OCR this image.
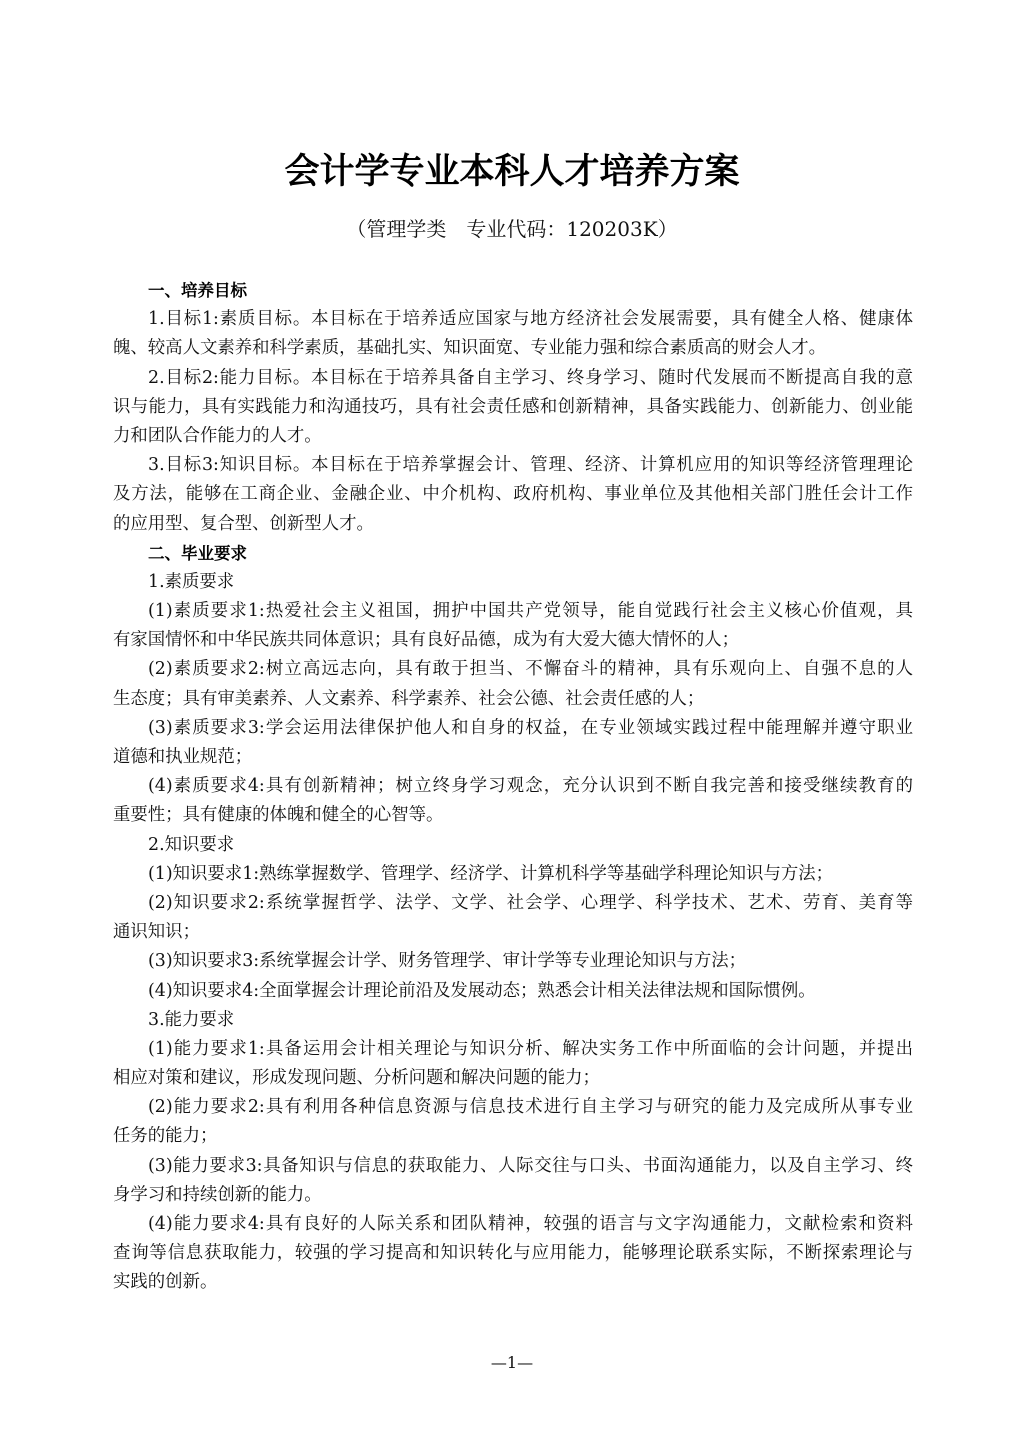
会计学专业本科人才培养方案
（管理学类　专业代码：120203K）
一、培养目标
1.目标1:素质目标。本目标在于培养适应国家与地方经济社会发展需要，具有健全人格、健康体
魄、较高人文素养和科学素质，基础扎实、知识面宽、专业能力强和综合素质高的财会人才。
2.目标2:能力目标。本目标在于培养具备自主学习、终身学习、随时代发展而不断提高自我的意
识与能力，具有实践能力和沟通技巧，具有社会责任感和创新精神，具备实践能力、创新能力、创业能
力和团队合作能力的人才。
3.目标3:知识目标。本目标在于培养掌握会计、管理、经济、计算机应用的知识等经济管理理论
及方法，能够在工商企业、金融企业、中介机构、政府机构、事业单位及其他相关部门胜任会计工作
的应用型、复合型、创新型人才。
二、毕业要求
1.素质要求
(1)素质要求1:热爱社会主义祖国，拥护中国共产党领导，能自觉践行社会主义核心价值观，具
有家国情怀和中华民族共同体意识；具有良好品德，成为有大爱大德大情怀的人；
(2)素质要求2:树立高远志向，具有敢于担当、不懈奋斗的精神，具有乐观向上、自强不息的人
生态度；具有审美素养、人文素养、科学素养、社会公德、社会责任感的人；
(3)素质要求3:学会运用法律保护他人和自身的权益，在专业领域实践过程中能理解并遵守职业
道德和执业规范；
(4)素质要求4:具有创新精神；树立终身学习观念，充分认识到不断自我完善和接受继续教育的
重要性；具有健康的体魄和健全的心智等。
2.知识要求
(1)知识要求1:熟练掌握数学、管理学、经济学、计算机科学等基础学科理论知识与方法；
(2)知识要求2:系统掌握哲学、法学、文学、社会学、心理学、科学技术、艺术、劳育、美育等
通识知识；
(3)知识要求3:系统掌握会计学、财务管理学、审计学等专业理论知识与方法；
(4)知识要求4:全面掌握会计理论前沿及发展动态；熟悉会计相关法律法规和国际惯例。
3.能力要求
(1)能力要求1:具备运用会计相关理论与知识分析、解决实务工作中所面临的会计问题，并提出
相应对策和建议，形成发现问题、分析问题和解决问题的能力；
(2)能力要求2:具有利用各种信息资源与信息技术进行自主学习与研究的能力及完成所从事专业
任务的能力；
(3)能力要求3:具备知识与信息的获取能力、人际交往与口头、书面沟通能力，以及自主学习、终
身学习和持续创新的能力。
(4)能力要求4:具有良好的人际关系和团队精神，较强的语言与文字沟通能力，文献检索和资料
查询等信息获取能力，较强的学习提高和知识转化与应用能力，能够理论联系实际，不断探索理论与
实践的创新。
—1—
